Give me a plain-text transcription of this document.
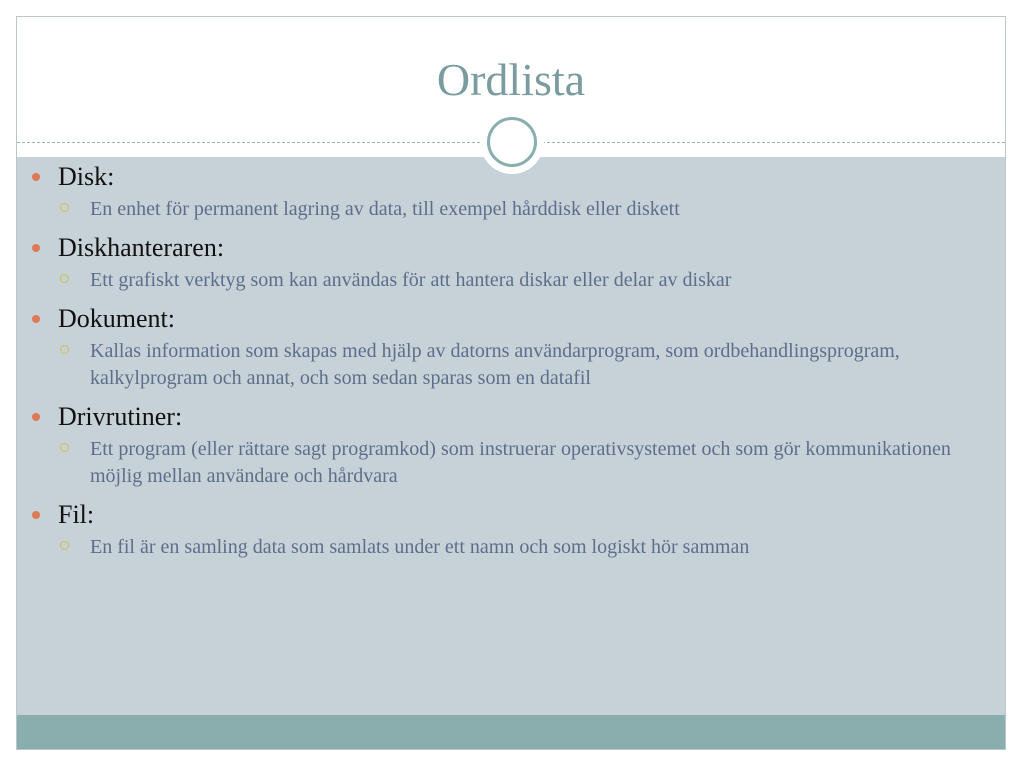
Ordlista
Disk:
En enhet för permanent lagring av data, till exempel hårddisk eller diskett
Diskhanteraren:
Ett grafiskt verktyg som kan användas för att hantera diskar eller delar av diskar
Dokument:
Kallas information som skapas med hjälp av datorns användarprogram, som ordbehandlingsprogram, kalkylprogram och annat, och som sedan sparas som en datafil
Drivrutiner:
Ett program (eller rättare sagt programkod) som instruerar operativsystemet och som gör kommunikationen möjlig mellan användare och hårdvara
Fil:
En fil är en samling data som samlats under ett namn och som logiskt hör samman
